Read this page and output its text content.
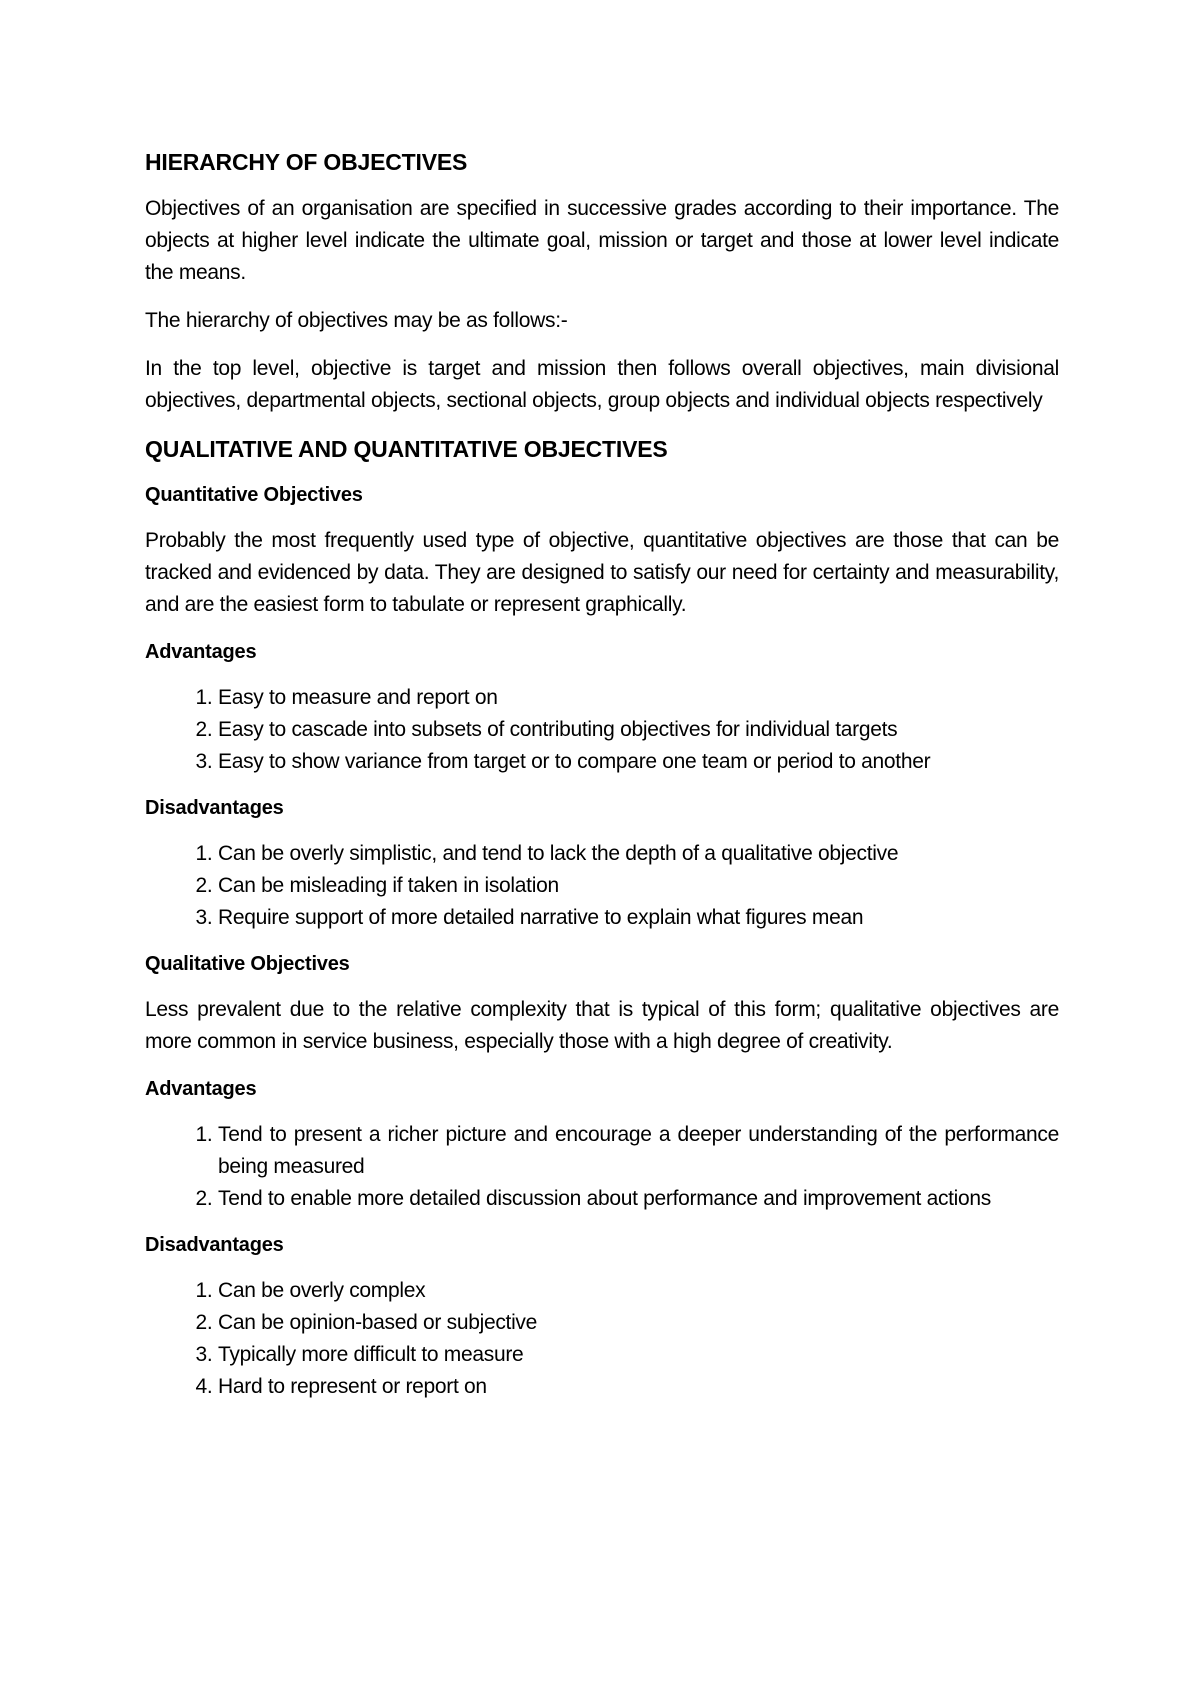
HIERARCHY OF OBJECTIVES

Objectives of an organisation are specified in successive grades according to their importance. The objects at higher level indicate the ultimate goal, mission or target and those at lower level indicate the means.

The hierarchy of objectives may be as follows:-

In the top level, objective is target and mission then follows overall objectives, main divisional objectives, departmental objects, sectional objects, group objects and individual objects respectively

QUALITATIVE AND QUANTITATIVE OBJECTIVES
Quantitative Objectives

Probably the most frequently used type of objective, quantitative objectives are those that can be tracked and evidenced by data. They are designed to satisfy our need for certainty and measurability, and are the easiest form to tabulate or represent graphically.

Advantages
1. Easy to measure and report on
2. Easy to cascade into subsets of contributing objectives for individual targets
3. Easy to show variance from target or to compare one team or period to another
Disadvantages
1. Can be overly simplistic, and tend to lack the depth of a qualitative objective
2. Can be misleading if taken in isolation
3. Require support of more detailed narrative to explain what figures mean
Qualitative Objectives

Less prevalent due to the relative complexity that is typical of this form; qualitative objectives are more common in service business, especially those with a high degree of creativity.

Advantages
1. Tend to present a richer picture and encourage a deeper understanding of the performance being measured
2. Tend to enable more detailed discussion about performance and improvement actions
Disadvantages
1. Can be overly complex
2. Can be opinion-based or subjective
3. Typically more difficult to measure
4. Hard to represent or report on
